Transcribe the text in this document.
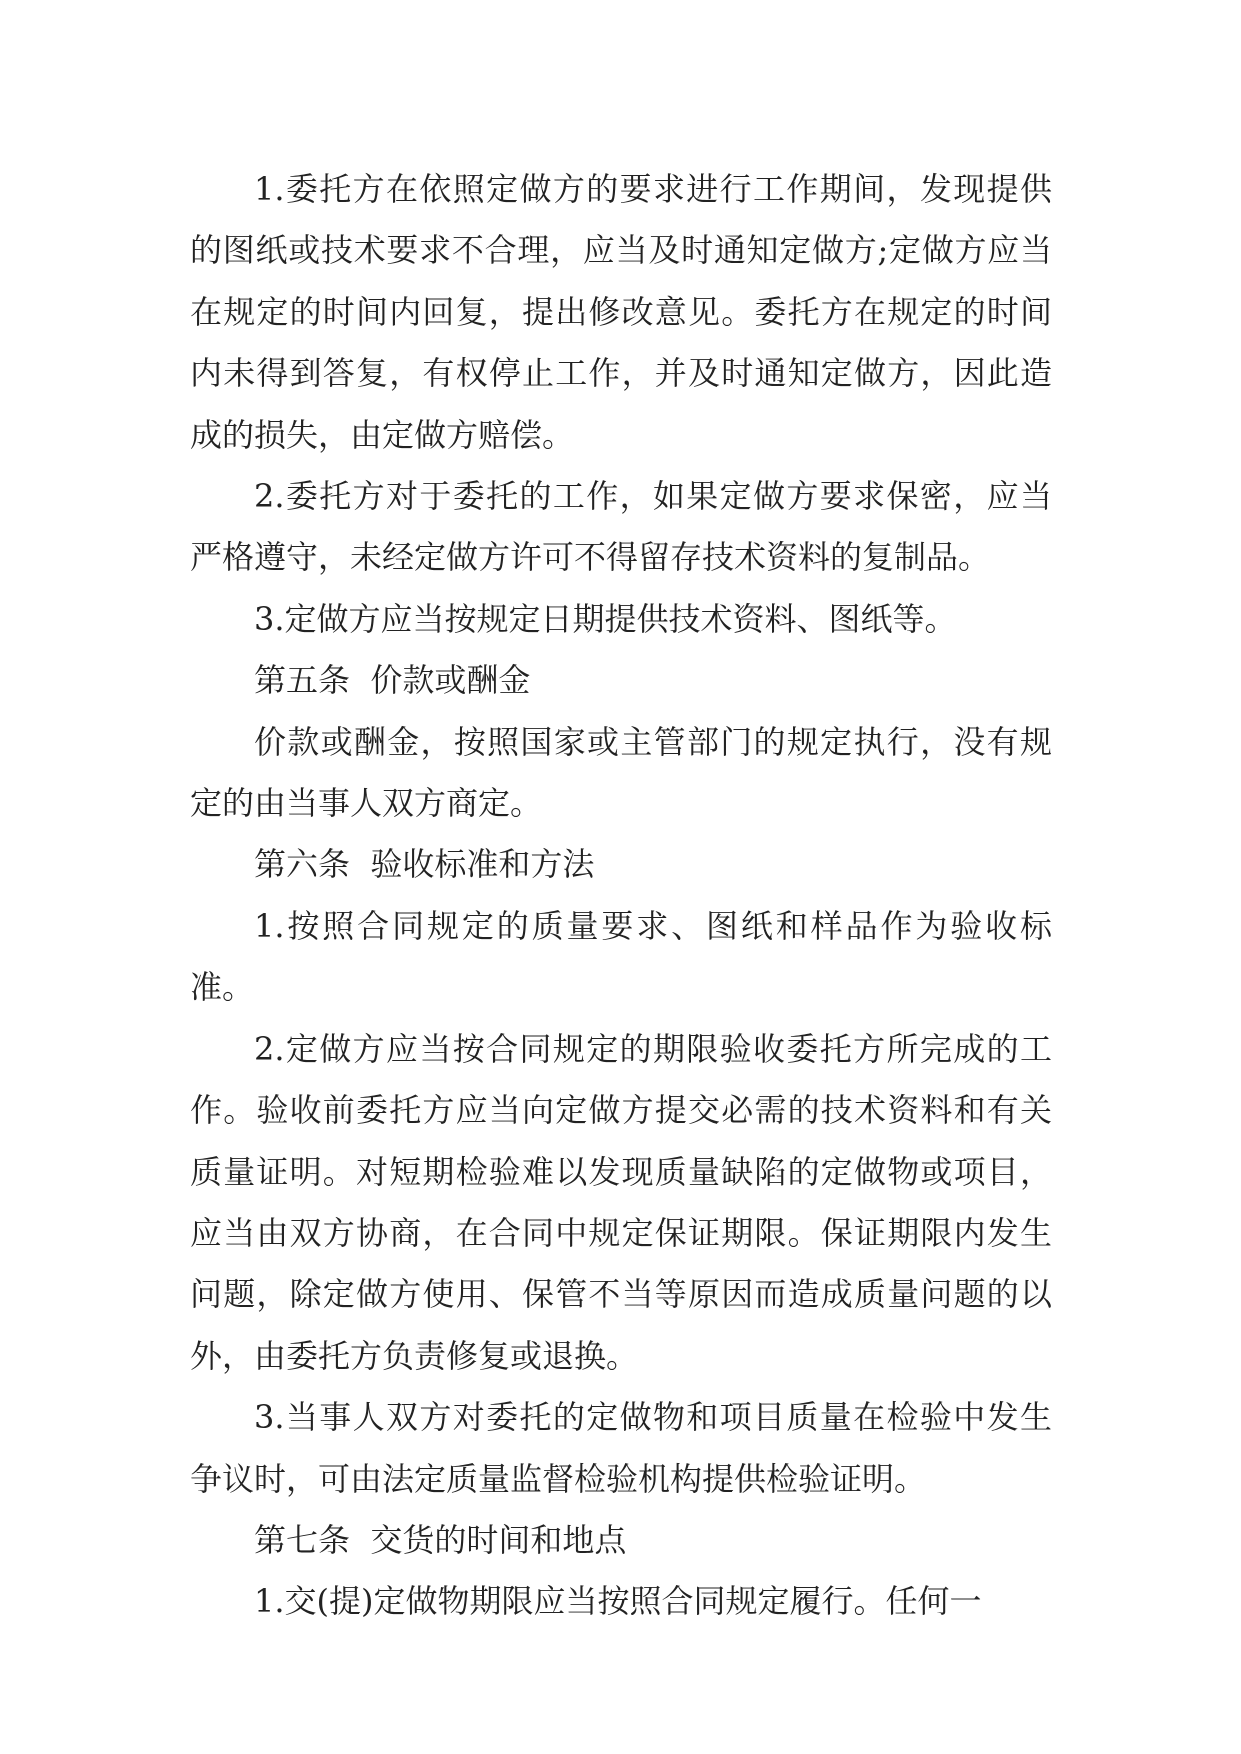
1.委托方在依照定做方的要求进行工作期间，发现提供的图纸或技术要求不合理，应当及时通知定做方;定做方应当在规定的时间内回复，提出修改意见。委托方在规定的时间内未得到答复，有权停止工作，并及时通知定做方，因此造成的损失，由定做方赔偿。

2.委托方对于委托的工作，如果定做方要求保密，应当严格遵守，未经定做方许可不得留存技术资料的复制品。

3.定做方应当按规定日期提供技术资料、图纸等。

第五条  价款或酬金

价款或酬金，按照国家或主管部门的规定执行，没有规定的由当事人双方商定。

第六条  验收标准和方法

1.按照合同规定的质量要求、图纸和样品作为验收标准。

2.定做方应当按合同规定的期限验收委托方所完成的工作。验收前委托方应当向定做方提交必需的技术资料和有关质量证明。对短期检验难以发现质量缺陷的定做物或项目，应当由双方协商，在合同中规定保证期限。保证期限内发生问题，除定做方使用、保管不当等原因而造成质量问题的以外，由委托方负责修复或退换。

3.当事人双方对委托的定做物和项目质量在检验中发生争议时，可由法定质量监督检验机构提供检验证明。

第七条  交货的时间和地点

1.交(提)定做物期限应当按照合同规定履行。任何一
